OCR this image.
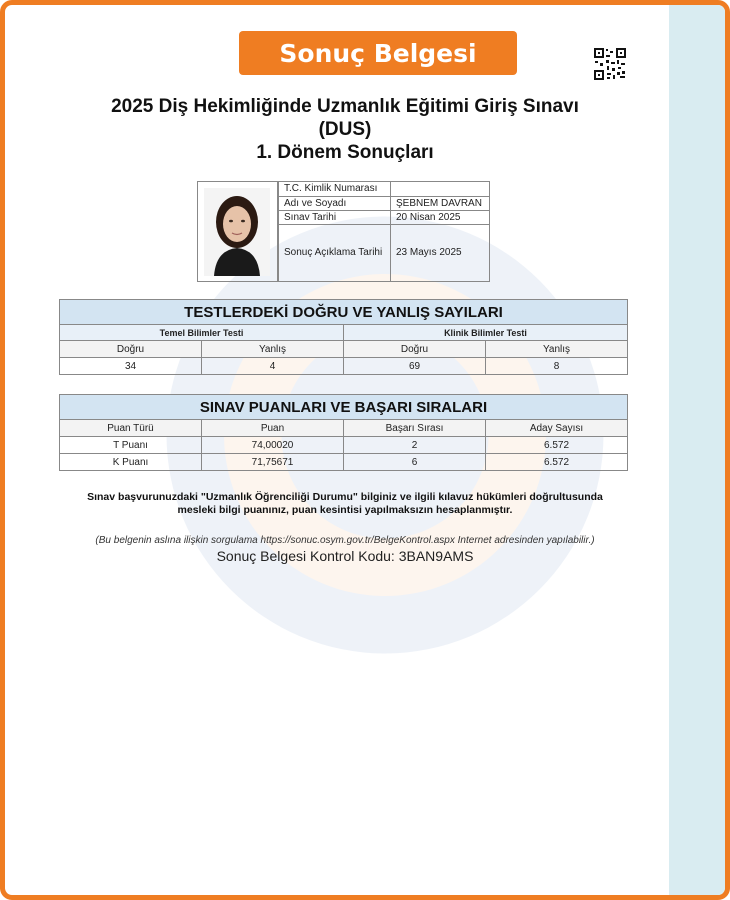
Sonuç Belgesi
2025 Diş Hekimliğinde Uzmanlık Eğitimi Giriş Sınavı
(DUS)
1. Dönem Sonuçları
T.C. Kimlik Numarası	
Adı ve Soyadı	ŞEBNEM DAVRAN
Sınav Tarihi	20 Nisan 2025
Sonuç Açıklama Tarihi	23 Mayıs 2025
TESTLERDEKİ DOĞRU VE YANLIŞ SAYILARI			
Temel Bilimler Testi		Klinik Bilimler Testi	
Doğru	Yanlış	Doğru	Yanlış
34	4	69	8
SINAV PUANLARI VE BAŞARI SIRALARI			
Puan Türü	Puan	Başarı Sırası	Aday Sayısı
T Puanı	74,00020	2	6.572
K Puanı	71,75671	6	6.572
Sınav başvurunuzdaki "Uzmanlık Öğrenciliği Durumu" bilginiz ve ilgili kılavuz hükümleri doğrultusunda
mesleki bilgi puanınız, puan kesintisi yapılmaksızın hesaplanmıştır.
(Bu belgenin aslına ilişkin sorgulama https://sonuc.osym.gov.tr/BelgeKontrol.aspx Internet adresinden yapılabilir.)
Sonuç Belgesi Kontrol Kodu: 3BAN9AMS
